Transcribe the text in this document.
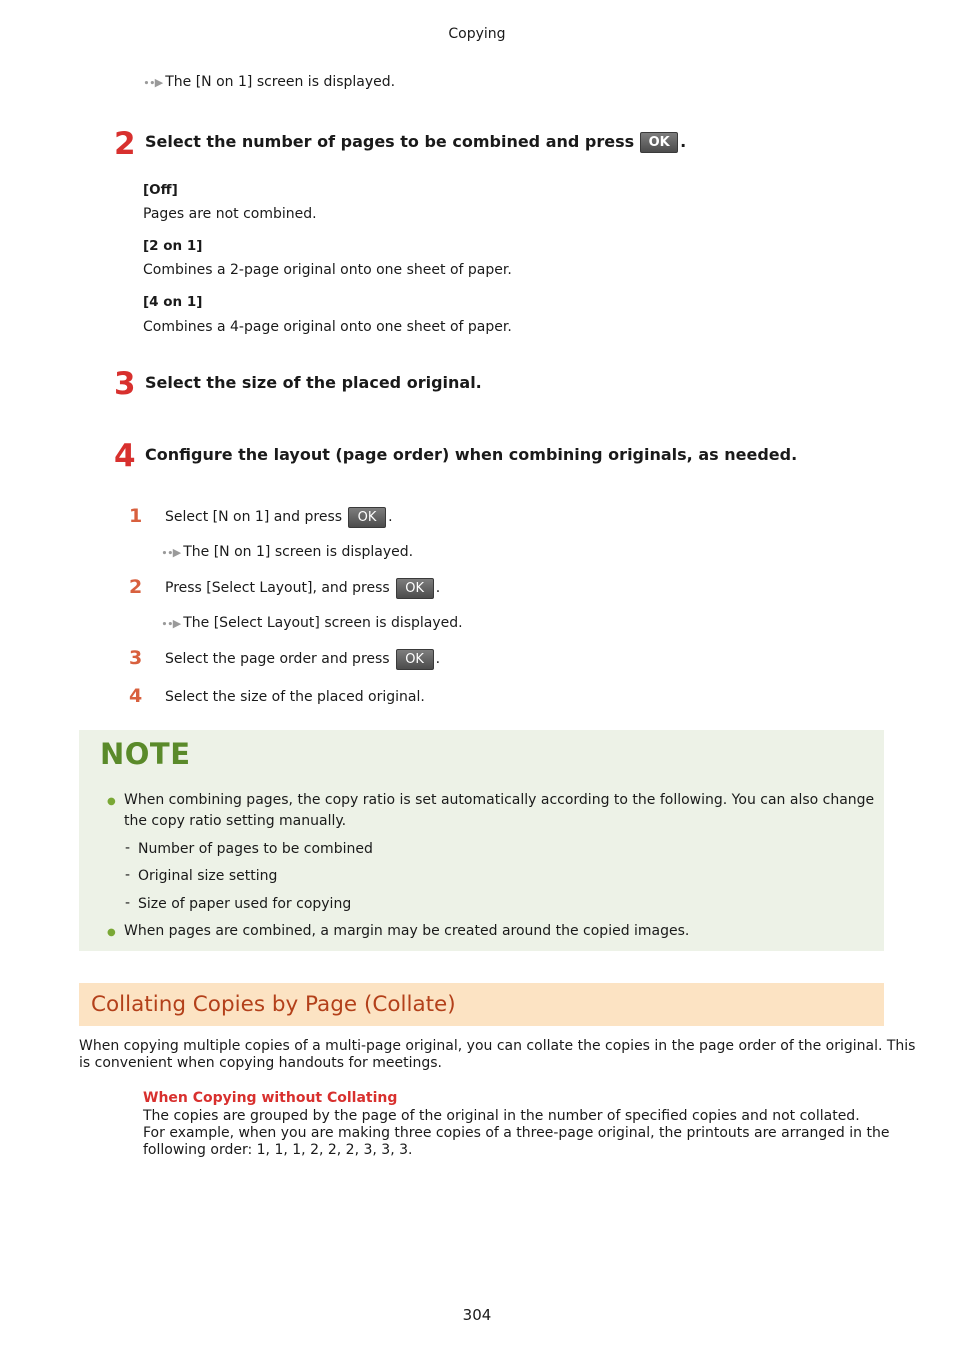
Copying
∙∙▶ The [N on 1] screen is displayed.
2 Select the number of pages to be combined and press	OK .
[Off]
Pages are not combined.
[2 on 1]
Combines a 2-page original onto one sheet of paper.
[4 on 1]
Combines a 4-page original onto one sheet of paper.
3 Select the size of the placed original.
4 Configure the layout (page order) when combining originals, as needed.
1 Select [N on 1] and press	OK .
∙∙▶ The [N on 1] screen is displayed.
2 Press [Select Layout], and press	OK .
∙∙▶ The [Select Layout] screen is displayed.
3 Select the page order and press	OK .
4 Select the size of the placed original.
NOTE
● When combining pages, the copy ratio is set automatically according to the following. You can also change
the copy ratio setting manually.
- Number of pages to be combined
- Original size setting
- Size of paper used for copying
● When pages are combined, a margin may be created around the copied images.
Collating Copies by Page (Collate)
When copying multiple copies of a multi-page original, you can collate the copies in the page order of the original. This
is convenient when copying handouts for meetings.
When Copying without Collating
The copies are grouped by the page of the original in the number of specified copies and not collated.
For example, when you are making three copies of a three-page original, the printouts are arranged in the
following order: 1, 1, 1, 2, 2, 2, 3, 3, 3.
304
